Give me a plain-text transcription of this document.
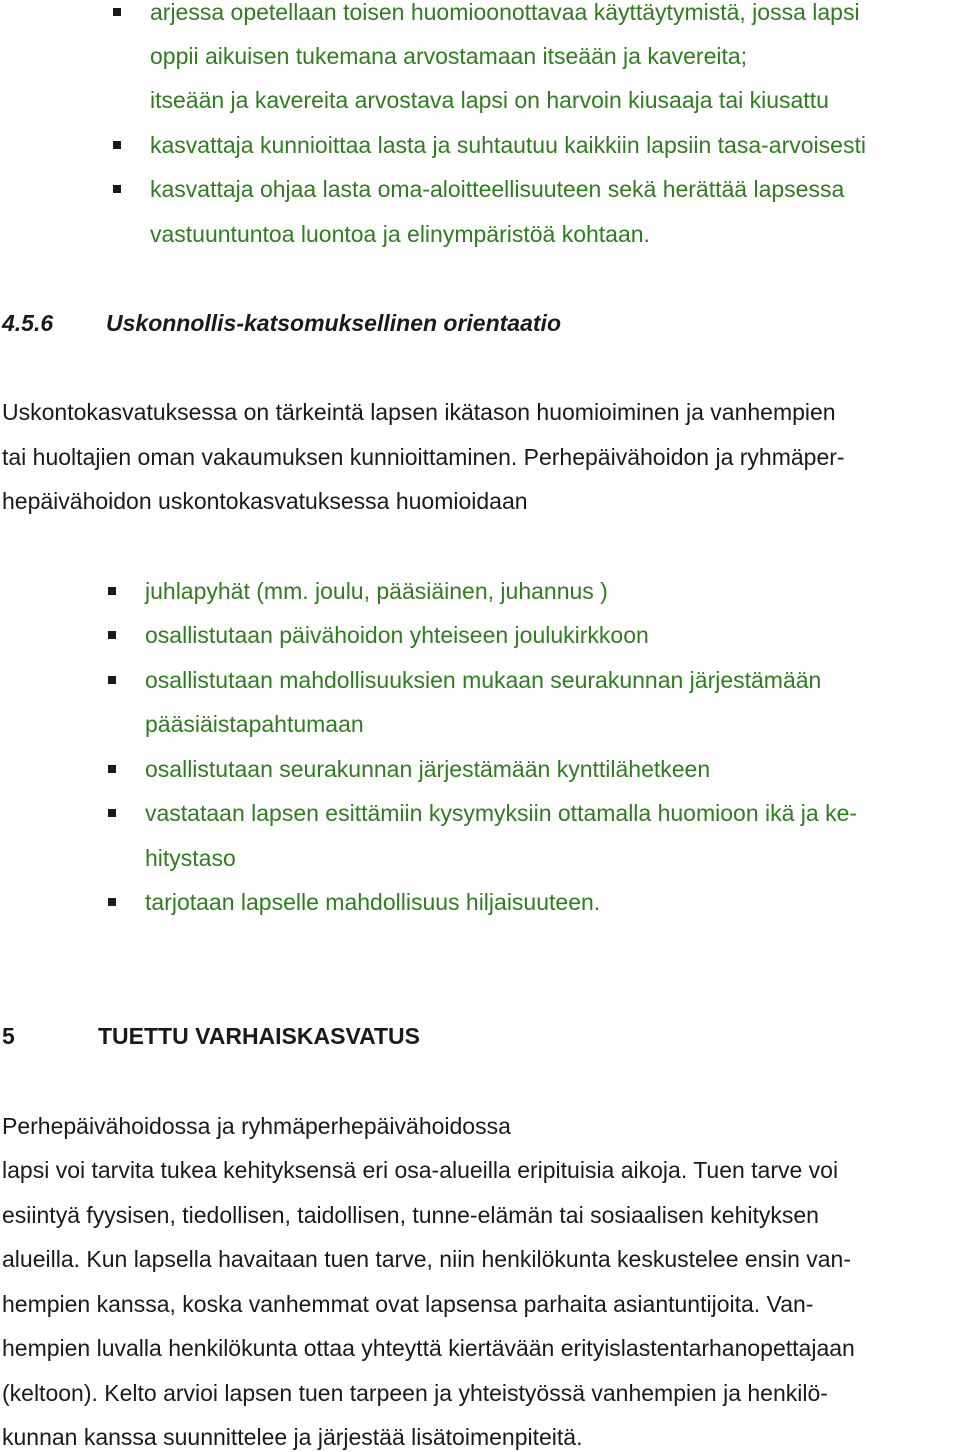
arjessa opetellaan toisen huomioonottavaa käyttäytymistä, jossa lapsi
oppii aikuisen tukemana arvostamaan itseään ja kavereita;
itseään ja kavereita arvostava lapsi on harvoin kiusaaja tai kiusattu
kasvattaja kunnioittaa lasta ja suhtautuu kaikkiin lapsiin tasa-arvoisesti
kasvattaja ohjaa lasta oma-aloitteellisuuteen sekä herättää lapsessa
vastuuntuntoa luontoa ja elinympäristöä kohtaan.
4.5.6 Uskonnollis-katsomuksellinen orientaatio
Uskontokasvatuksessa on tärkeintä lapsen ikätason huomioiminen ja vanhempien
tai huoltajien oman vakaumuksen kunnioittaminen. Perhepäivähoidon ja ryhmäper-
hepäivähoidon uskontokasvatuksessa huomioidaan
juhlapyhät (mm. joulu, pääsiäinen, juhannus )
osallistutaan päivähoidon yhteiseen joulukirkkoon
osallistutaan mahdollisuuksien mukaan seurakunnan järjestämään
pääsiäistapahtumaan
osallistutaan seurakunnan järjestämään kynttilähetkeen
vastataan lapsen esittämiin kysymyksiin ottamalla huomioon ikä ja ke-
hitystaso
tarjotaan lapselle mahdollisuus hiljaisuuteen.
5	TUETTU VARHAISKASVATUS
Perhepäivähoidossa ja ryhmäperhepäivähoidossa
lapsi voi tarvita tukea kehityksensä eri osa-alueilla eripituisia aikoja. Tuen tarve voi
esiintyä fyysisen, tiedollisen, taidollisen, tunne-elämän tai sosiaalisen kehityksen
alueilla. Kun lapsella havaitaan tuen tarve, niin henkilökunta keskustelee ensin van-
hempien kanssa, koska vanhemmat ovat lapsensa parhaita asiantuntijoita. Van-
hempien luvalla henkilökunta ottaa yhteyttä kiertävään erityislastentarhanopettajaan
(keltoon). Kelto arvioi lapsen tuen tarpeen ja yhteistyössä vanhempien ja henkilö-
kunnan kanssa suunnittelee ja järjestää lisätoimenpiteitä.
